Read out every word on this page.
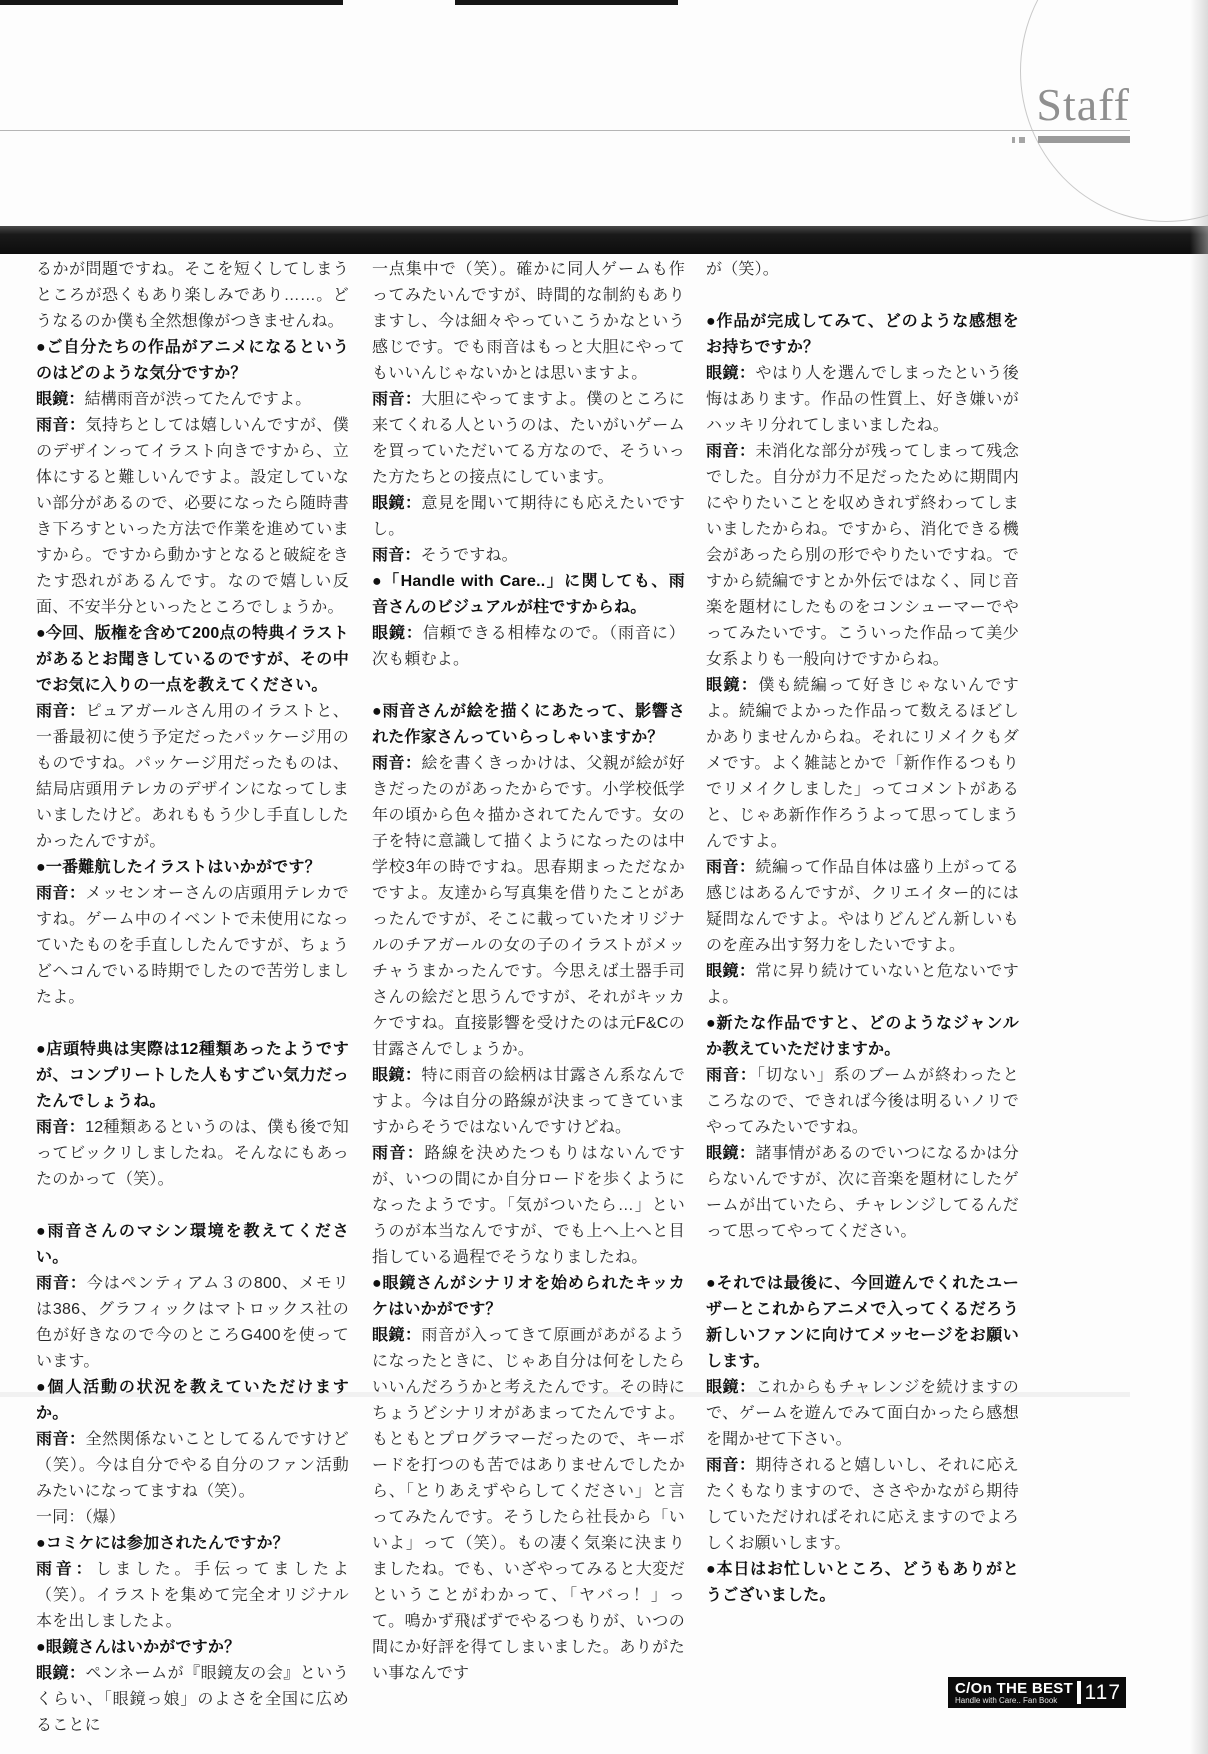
Staff

るかが問題ですね。そこを短くしてしまうところが恐くもあり楽しみであり……。どうなるのか僕も全然想像がつきませんね。

●ご自分たちの作品がアニメになるというのはどのような気分ですか？

眼鏡：結構雨音が渋ってたんですよ。

雨音：気持ちとしては嬉しいんですが、僕のデザインってイラスト向きですから、立体にすると難しいんですよ。設定していない部分があるので、必要になったら随時書き下ろすといった方法で作業を進めていますから。ですから動かすとなると破綻をきたす恐れがあるんです。なので嬉しい反面、不安半分といったところでしょうか。

●今回、版権を含めて200点の特典イラストがあるとお聞きしているのですが、その中でお気に入りの一点を教えてください。

雨音：ピュアガールさん用のイラストと、一番最初に使う予定だったパッケージ用のものですね。パッケージ用だったものは、結局店頭用テレカのデザインになってしまいましたけど。あれももう少し手直ししたかったんですが。

●一番難航したイラストはいかがです？

雨音：メッセンオーさんの店頭用テレカですね。ゲーム中のイベントで未使用になっていたものを手直ししたんですが、ちょうどヘコんでいる時期でしたので苦労しましたよ。

●店頭特典は実際は12種類あったようですが、コンプリートした人もすごい気力だったんでしょうね。

雨音：12種類あるというのは、僕も後で知ってビックリしましたね。そんなにもあったのかって（笑）。

●雨音さんのマシン環境を教えてください。

雨音：今はペンティアム３の800、メモリは386、グラフィックはマトロックス社の色が好きなので今のところG400を使っています。

●個人活動の状況を教えていただけますか。

雨音：全然関係ないことしてるんですけど（笑）。今は自分でやる自分のファン活動みたいになってますね（笑）。

一同：（爆）

●コミケには参加されたんですか？

雨音：しました。手伝ってましたよ（笑）。イラストを集めて完全オリジナル本を出しましたよ。

●眼鏡さんはいかがですか？

眼鏡：ペンネームが『眼鏡友の会』というくらい、「眼鏡っ娘」のよさを全国に広めることに

一点集中で（笑）。確かに同人ゲームも作ってみたいんですが、時間的な制約もありますし、今は細々やっていこうかなという感じです。でも雨音はもっと大胆にやってもいいんじゃないかとは思いますよ。

雨音：大胆にやってますよ。僕のところに来てくれる人というのは、たいがいゲームを買っていただいてる方なので、そういった方たちとの接点にしています。

眼鏡：意見を聞いて期待にも応えたいですし。

雨音：そうですね。

●「Handle with Care..」に関しても、雨音さんのビジュアルが柱ですからね。

眼鏡：信頼できる相棒なので。（雨音に）次も頼むよ。

●雨音さんが絵を描くにあたって、影響された作家さんっていらっしゃいますか？

雨音：絵を書くきっかけは、父親が絵が好きだったのがあったからです。小学校低学年の頃から色々描かされてたんです。女の子を特に意識して描くようになったのは中学校3年の時ですね。思春期まっただなかですよ。友達から写真集を借りたことがあったんですが、そこに載っていたオリジナルのチアガールの女の子のイラストがメッチャうまかったんです。今思えば土器手司さんの絵だと思うんですが、それがキッカケですね。直接影響を受けたのは元F&Cの甘露さんでしょうか。

眼鏡：特に雨音の絵柄は甘露さん系なんですよ。今は自分の路線が決まってきていますからそうではないんですけどね。

雨音：路線を決めたつもりはないんですが、いつの間にか自分ロードを歩くようになったようです。「気がついたら…」というのが本当なんですが、でも上へ上へと目指している過程でそうなりましたね。

●眼鏡さんがシナリオを始められたキッカケはいかがです？

眼鏡：雨音が入ってきて原画があがるようになったときに、じゃあ自分は何をしたらいいんだろうかと考えたんです。その時にちょうどシナリオがあまってたんですよ。もともとプログラマーだったので、キーボードを打つのも苦ではありませんでしたから、「とりあえずやらしてください」と言ってみたんです。そうしたら社長から「いいよ」って（笑）。もの凄く気楽に決まりましたね。でも、いざやってみると大変だということがわかって、「ヤバっ！」って。鳴かず飛ばずでやるつもりが、いつの間にか好評を得てしまいました。ありがたい事なんです

が（笑）。

●作品が完成してみて、どのような感想をお持ちですか？

眼鏡：やはり人を選んでしまったという後悔はあります。作品の性質上、好き嫌いがハッキリ分れてしまいましたね。

雨音：未消化な部分が残ってしまって残念でした。自分が力不足だったために期間内にやりたいことを収めきれず終わってしまいましたからね。ですから、消化できる機会があったら別の形でやりたいですね。ですから続編ですとか外伝ではなく、同じ音楽を題材にしたものをコンシューマーでやってみたいです。こういった作品って美少女系よりも一般向けですからね。

眼鏡：僕も続編って好きじゃないんですよ。続編でよかった作品って数えるほどしかありませんからね。それにリメイクもダメです。よく雑誌とかで「新作作るつもりでリメイクしました」ってコメントがあると、じゃあ新作作ろうよって思ってしまうんですよ。

雨音：続編って作品自体は盛り上がってる感じはあるんですが、クリエイター的には疑問なんですよ。やはりどんどん新しいものを産み出す努力をしたいですよ。

眼鏡：常に昇り続けていないと危ないですよ。

●新たな作品ですと、どのようなジャンルか教えていただけますか。

雨音：「切ない」系のブームが終わったところなので、できれば今後は明るいノリでやってみたいですね。

眼鏡：諸事情があるのでいつになるかは分らないんですが、次に音楽を題材にしたゲームが出ていたら、チャレンジしてるんだって思ってやってください。

●それでは最後に、今回遊んでくれたユーザーとこれからアニメで入ってくるだろう新しいファンに向けてメッセージをお願いします。

眼鏡：これからもチャレンジを続けますので、ゲームを遊んでみて面白かったら感想を聞かせて下さい。

雨音：期待されると嬉しいし、それに応えたくもなりますので、ささやかながら期待していただければそれに応えますのでよろしくお願いします。

●本日はお忙しいところ、どうもありがとうございました。

C/On THE BEST
Handle with Care.. Fan Book	117
